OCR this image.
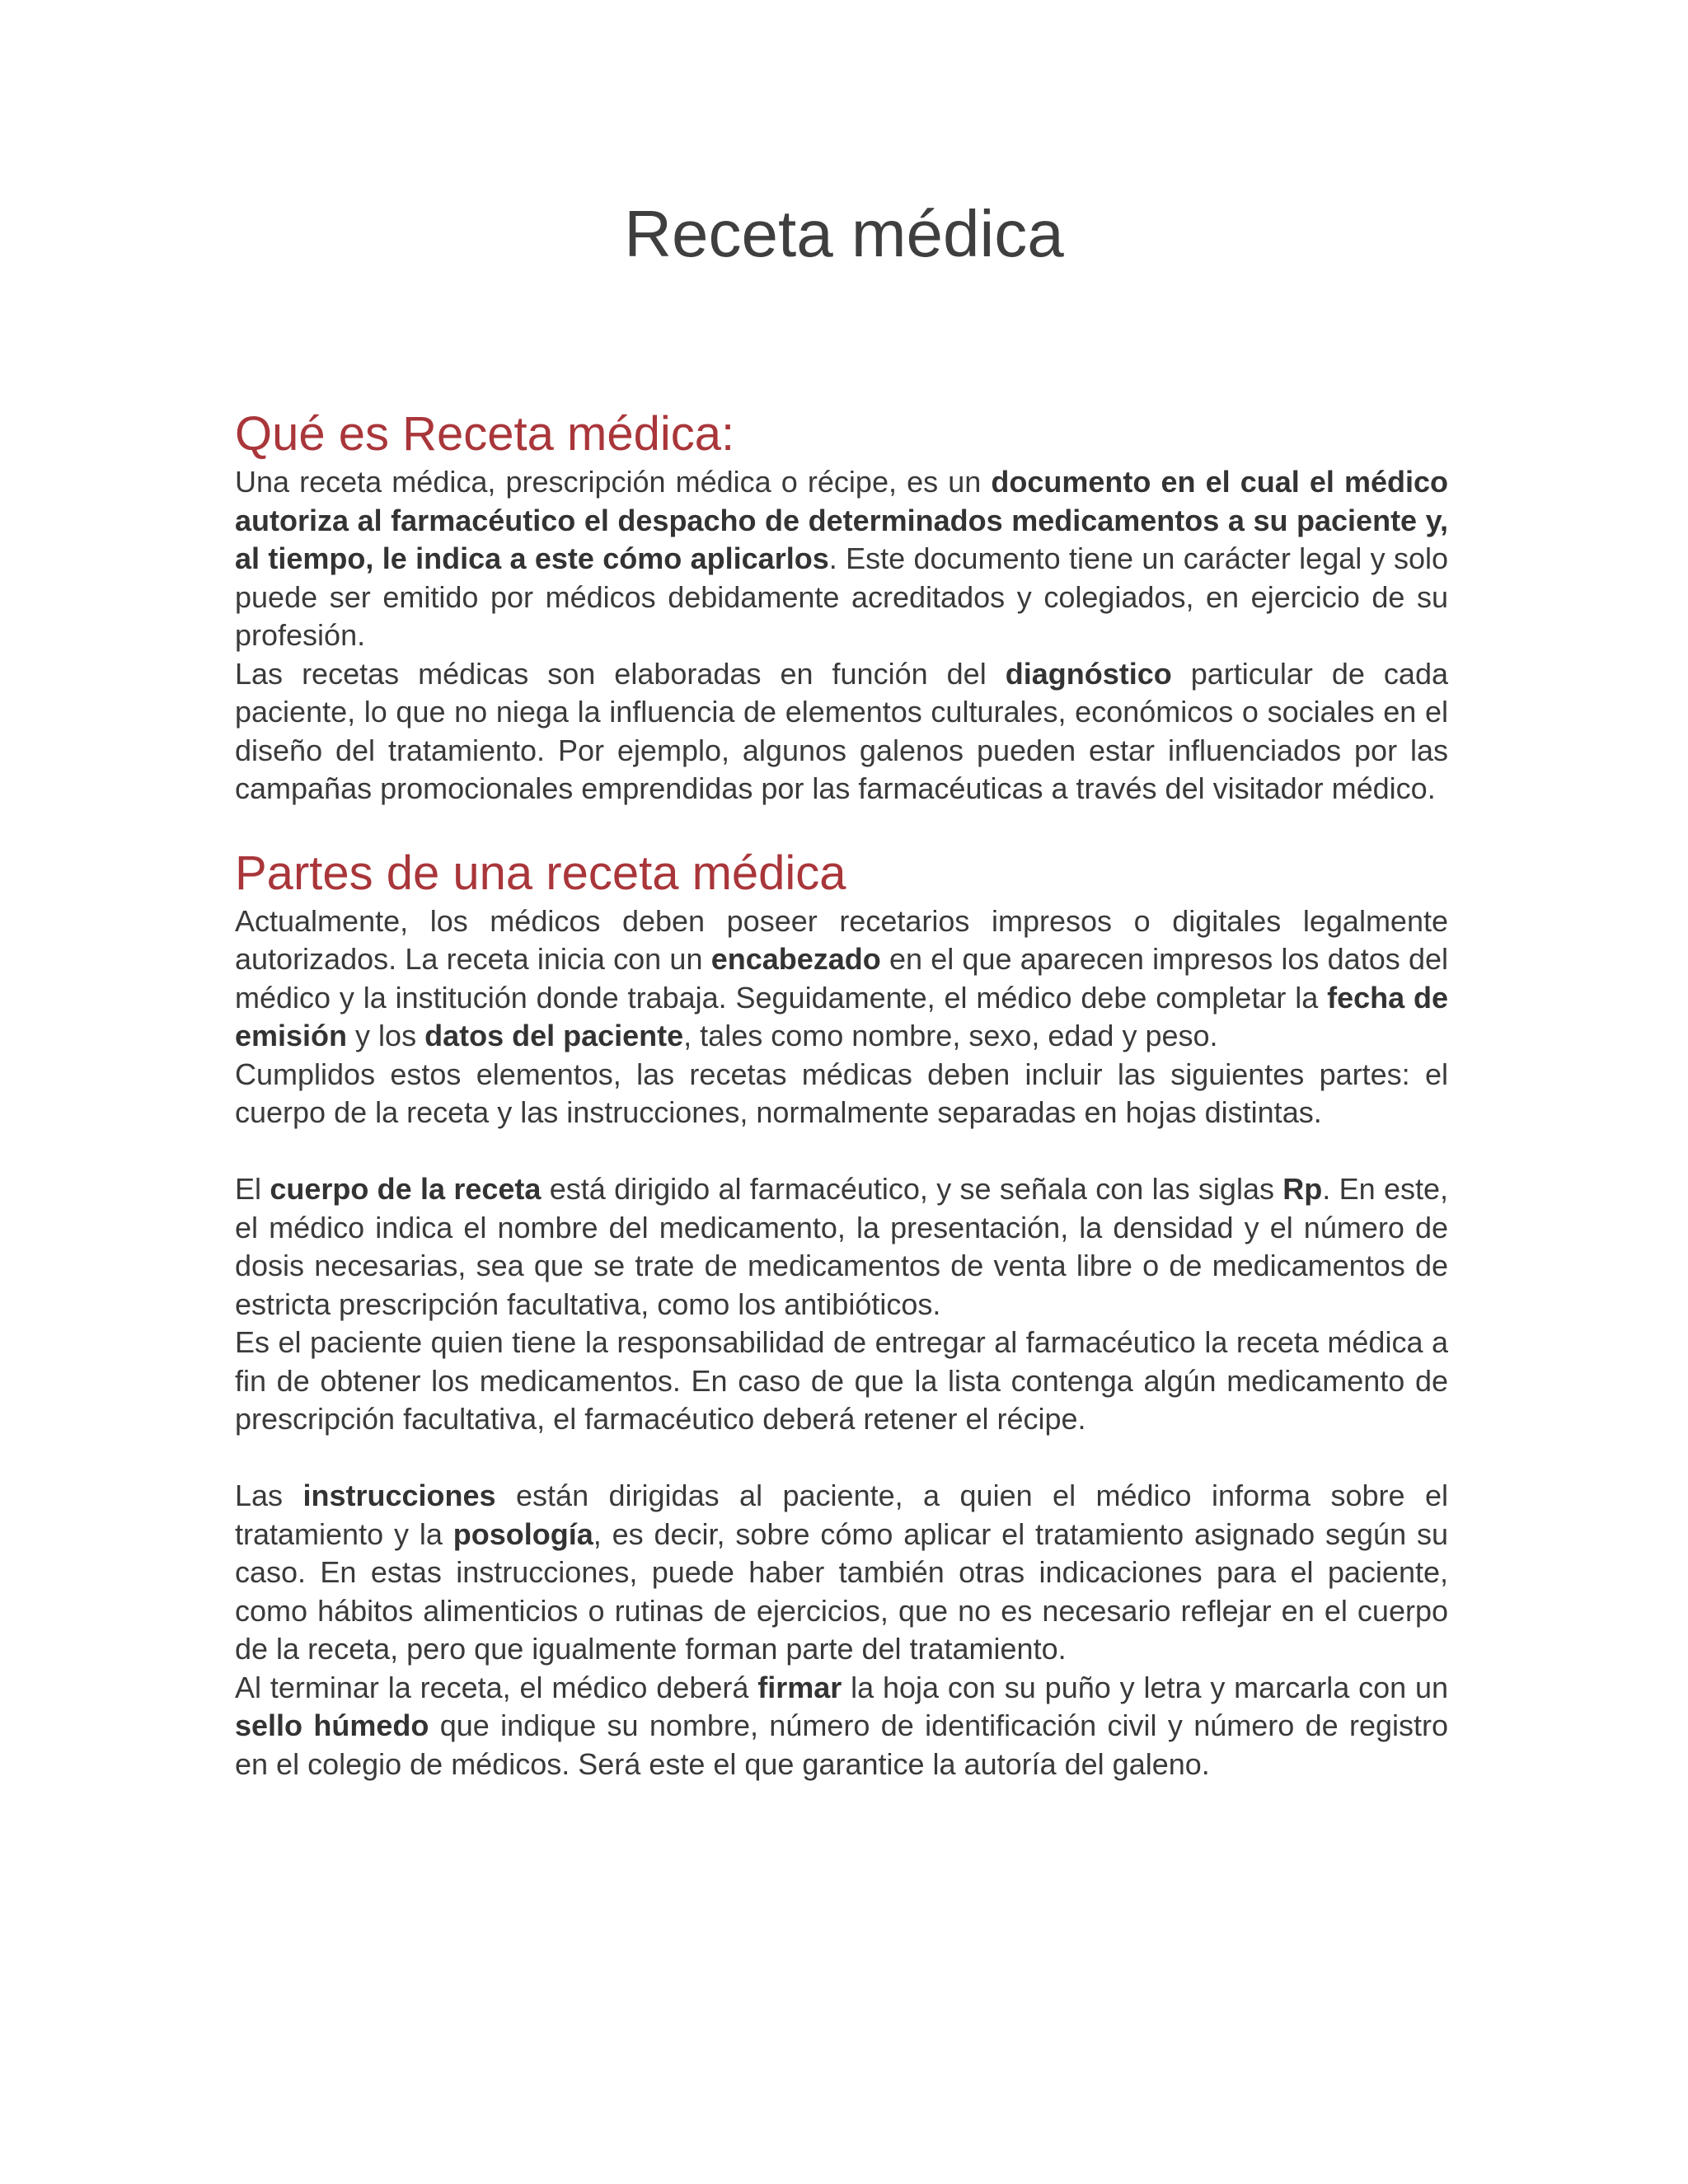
Receta médica
Qué es Receta médica:

Una receta médica, prescripción médica o récipe, es un documento en el cual el médico autoriza al farmacéutico el despacho de determinados medicamentos a su paciente y, al tiempo, le indica a este cómo aplicarlos. Este documento tiene un carácter legal y solo puede ser emitido por médicos debidamente acreditados y colegiados, en ejercicio de su profesión.

Las recetas médicas son elaboradas en función del diagnóstico particular de cada paciente, lo que no niega la influencia de elementos culturales, económicos o sociales en el diseño del tratamiento. Por ejemplo, algunos galenos pueden estar influenciados por las campañas promocionales emprendidas por las farmacéuticas a través del visitador médico.

Partes de una receta médica

Actualmente, los médicos deben poseer recetarios impresos o digitales legalmente autorizados. La receta inicia con un encabezado en el que aparecen impresos los datos del médico y la institución donde trabaja. Seguidamente, el médico debe completar la fecha de emisión y los datos del paciente, tales como nombre, sexo, edad y peso.

Cumplidos estos elementos, las recetas médicas deben incluir las siguientes partes: el cuerpo de la receta y las instrucciones, normalmente separadas en hojas distintas.

El cuerpo de la receta está dirigido al farmacéutico, y se señala con las siglas Rp. En este, el médico indica el nombre del medicamento, la presentación, la densidad y el número de dosis necesarias, sea que se trate de medicamentos de venta libre o de medicamentos de estricta prescripción facultativa, como los antibióticos.

Es el paciente quien tiene la responsabilidad de entregar al farmacéutico la receta médica a fin de obtener los medicamentos. En caso de que la lista contenga algún medicamento de prescripción facultativa, el farmacéutico deberá retener el récipe.

Las instrucciones están dirigidas al paciente, a quien el médico informa sobre el tratamiento y la posología, es decir, sobre cómo aplicar el tratamiento asignado según su caso. En estas instrucciones, puede haber también otras indicaciones para el paciente, como hábitos alimenticios o rutinas de ejercicios, que no es necesario reflejar en el cuerpo de la receta, pero que igualmente forman parte del tratamiento.

Al terminar la receta, el médico deberá firmar la hoja con su puño y letra y marcarla con un sello húmedo que indique su nombre, número de identificación civil y número de registro en el colegio de médicos. Será este el que garantice la autoría del galeno.
